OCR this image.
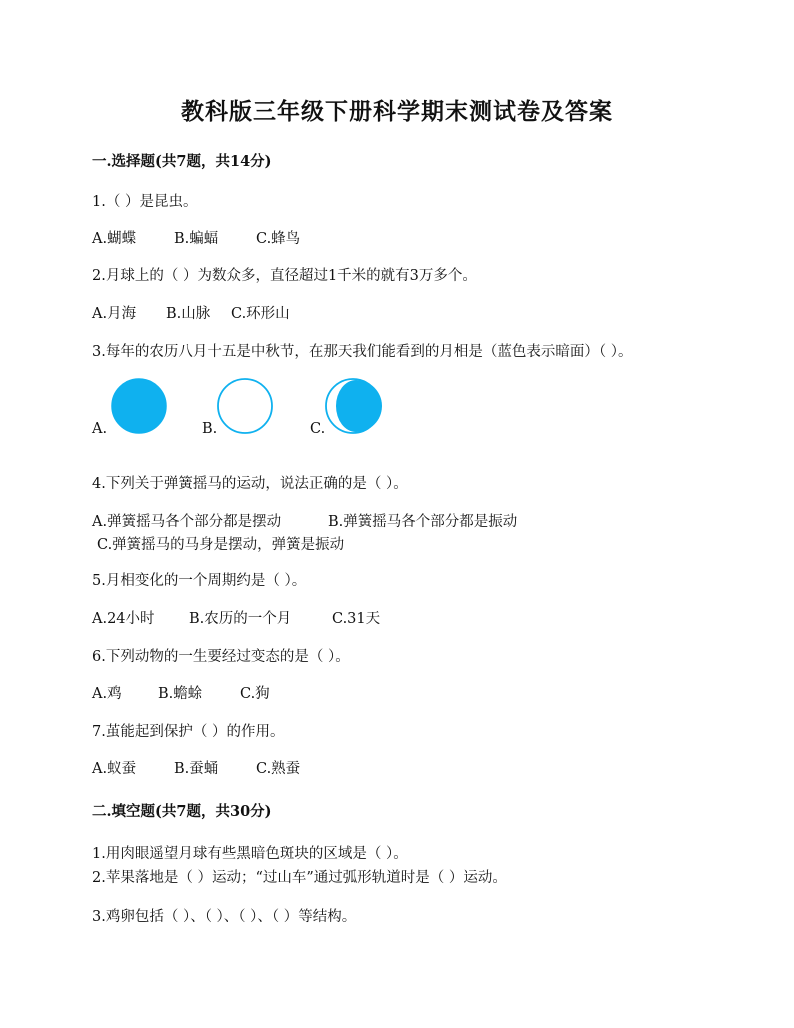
教科版三年级下册科学期末测试卷及答案
一.选择题(共7题，共14分)
1.（ ）是昆虫。
A.蝴蝶	B.蝙蝠	C.蜂鸟
2.月球上的（ ）为数众多，直径超过1千米的就有3万多个。
A.月海 B.山脉 C.环形山
3.每年的农历八月十五是中秋节，在那天我们能看到的月相是（蓝色表示暗面）（ ）。
A.	B.	C.
4.下列关于弹簧摇马的运动，说法正确的是（ ）。
A.弹簧摇马各个部分都是摆动	B.弹簧摇马各个部分都是振动
C.弹簧摇马的马身是摆动，弹簧是振动
5.月相变化的一个周期约是（ ）。
A.24小时 B.农历的一个月	C.31天
6.下列动物的一生要经过变态的是（ ）。
A.鸡	B.蟾蜍	C.狗
7.茧能起到保护（ ）的作用。
A.蚁蚕	B.蚕蛹	C.熟蚕
二.填空题(共7题，共30分)
1.用肉眼遥望月球有些黑暗色斑块的区域是（ ）。
2.苹果落地是（ ）运动；“过山车”通过弧形轨道时是（ ）运动。
3.鸡卵包括（ ）、（ ）、（ ）、（ ）等结构。
